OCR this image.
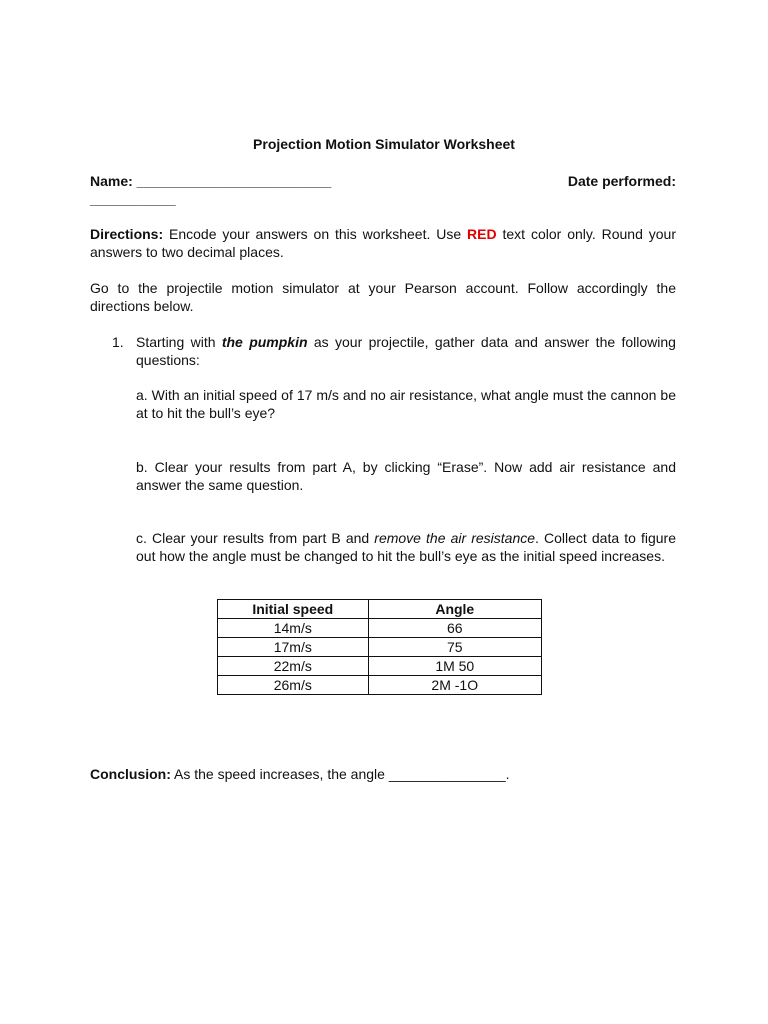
Projection Motion Simulator Worksheet
Name: _________________________	Date performed:
___________
Directions: Encode your answers on this worksheet. Use RED text color only. Round your answers to two decimal places.
Go to the projectile motion simulator at your Pearson account. Follow accordingly the directions below.
1. Starting with the pumpkin as your projectile, gather data and answer the following questions:
a. With an initial speed of 17 m/s and no air resistance, what angle must the cannon be at to hit the bull’s eye?
b. Clear your results from part A, by clicking “Erase”. Now add air resistance and answer the same question.
c. Clear your results from part B and remove the air resistance. Collect data to figure out how the angle must be changed to hit the bull’s eye as the initial speed increases.
Initial speed	Angle
14m/s	66
17m/s	75
22m/s	1M 50
26m/s	2M -1O
Conclusion: As the speed increases, the angle _______________.
